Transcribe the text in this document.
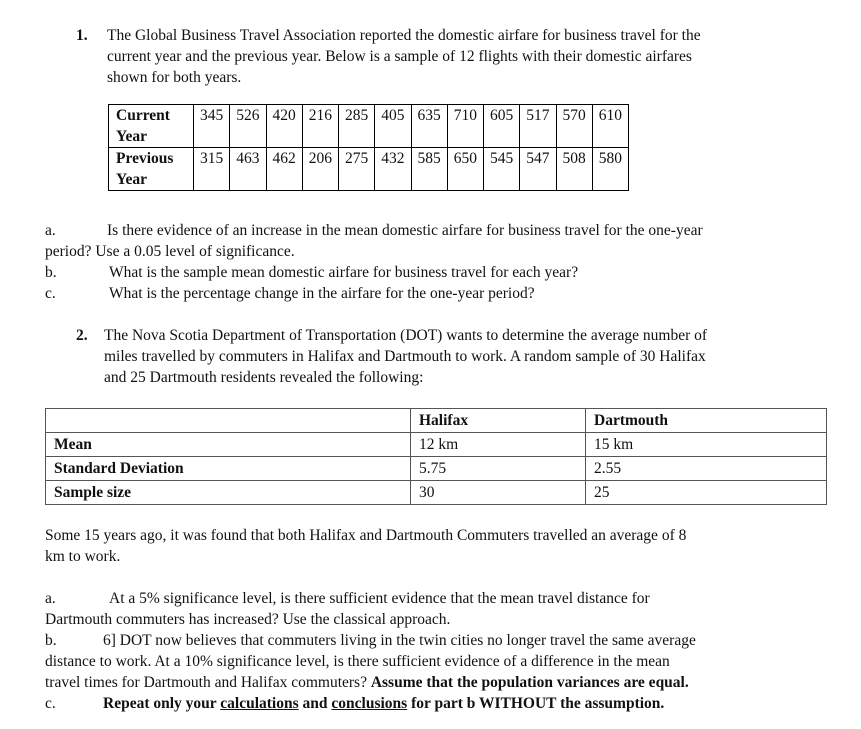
1. The Global Business Travel Association reported the domestic airfare for business travel for the
current year and the previous year. Below is a sample of 12 flights with their domestic airfares
shown for both years.
Current
Year	345	526	420	216	285	405	635	710	605	517	570	610
Previous
Year	315	463	462	206	275	432	585	650	545	547	508	580
a.	Is there evidence of an increase in the mean domestic airfare for business travel for the one-year
period? Use a 0.05 level of significance.
b.	What is the sample mean domestic airfare for business travel for each year?
c.	What is the percentage change in the airfare for the one-year period?
2. The Nova Scotia Department of Transportation (DOT) wants to determine the average number of
miles travelled by commuters in Halifax and Dartmouth to work. A random sample of 30 Halifax
and 25 Dartmouth residents revealed the following:
	Halifax	Dartmouth
Mean	12 km	15 km
Standard Deviation	5.75	2.55
Sample size	30	25
Some 15 years ago, it was found that both Halifax and Dartmouth Commuters travelled an average of 8
km to work.
a.	At a 5% significance level, is there sufficient evidence that the mean travel distance for
Dartmouth commuters has increased? Use the classical approach.
b.	6] DOT now believes that commuters living in the twin cities no longer travel the same average
distance to work. At a 10% significance level, is there sufficient evidence of a difference in the mean
travel times for Dartmouth and Halifax commuters? Assume that the population variances are equal.
c.	Repeat only your calculations and conclusions for part b WITHOUT the assumption.
